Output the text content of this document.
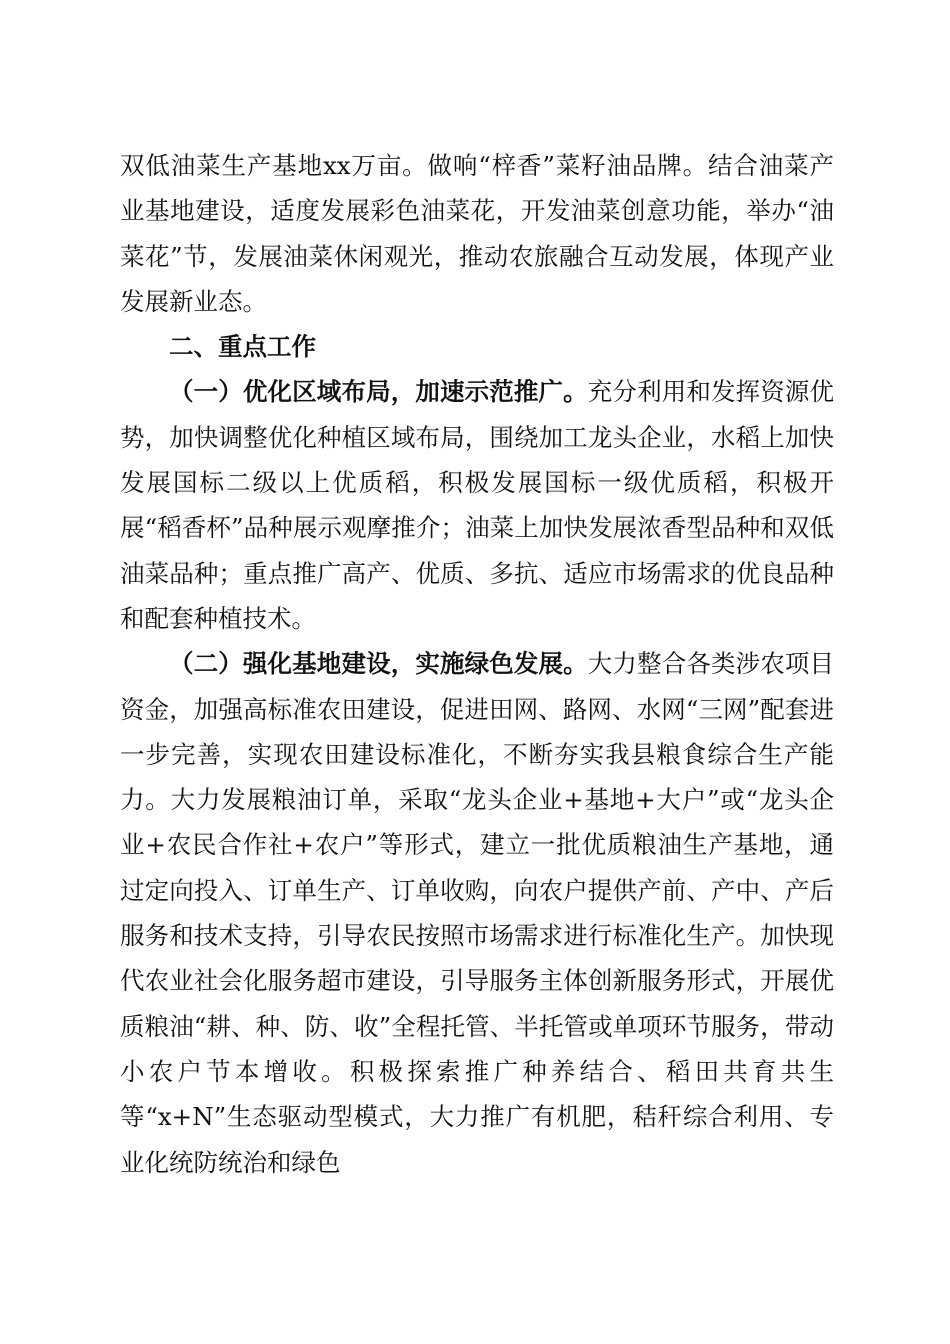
双低油菜生产基地xx万亩。做响“梓香”菜籽油品牌。结合油菜产业基地建设，适度发展彩色油菜花，开发油菜创意功能，举办“油菜花”节，发展油菜休闲观光，推动农旅融合互动发展，体现产业发展新业态。

二、重点工作

（一）优化区域布局，加速示范推广。充分利用和发挥资源优势，加快调整优化种植区域布局，围绕加工龙头企业，水稻上加快发展国标二级以上优质稻，积极发展国标一级优质稻，积极开展“稻香杯”品种展示观摩推介；油菜上加快发展浓香型品种和双低油菜品种；重点推广高产、优质、多抗、适应市场需求的优良品种和配套种植技术。

（二）强化基地建设，实施绿色发展。大力整合各类涉农项目资金，加强高标准农田建设，促进田网、路网、水网“三网”配套进一步完善，实现农田建设标准化，不断夯实我县粮食综合生产能力。大力发展粮油订单，采取“龙头企业+基地+大户”或“龙头企业+农民合作社+农户”等形式，建立一批优质粮油生产基地，通过定向投入、订单生产、订单收购，向农户提供产前、产中、产后服务和技术支持，引导农民按照市场需求进行标准化生产。加快现代农业社会化服务超市建设，引导服务主体创新服务形式，开展优质粮油“耕、种、防、收”全程托管、半托管或单项环节服务，带动小农户节本增收。积极探索推广种养结合、稻田共育共生等“x+N”生态驱动型模式，大力推广有机肥，秸秆综合利用、专业化统防统治和绿色
